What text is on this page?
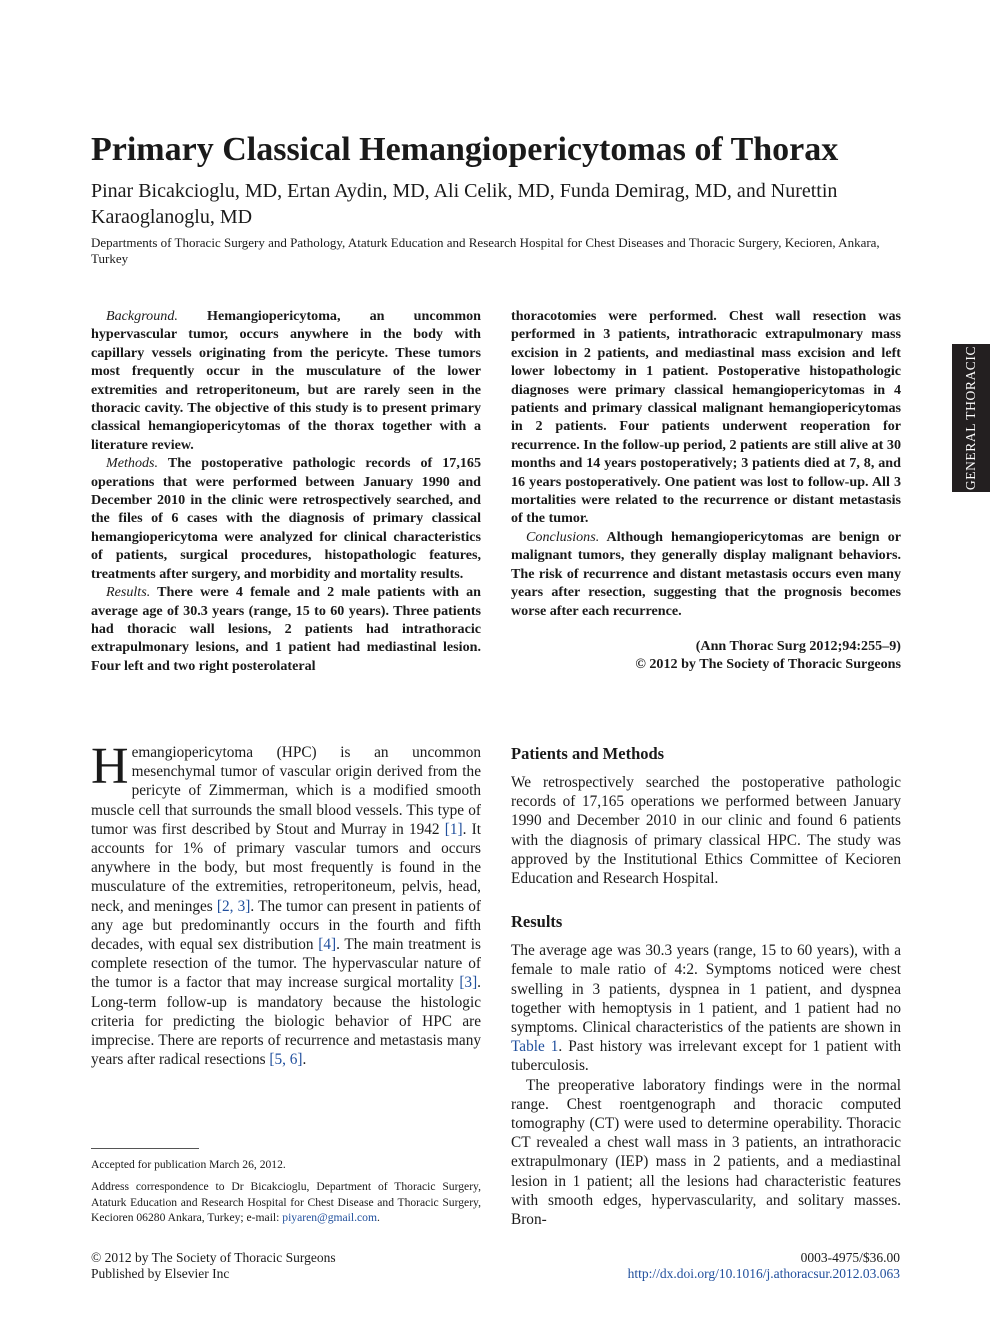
Primary Classical Hemangiopericytomas of Thorax

Pinar Bicakcioglu, MD, Ertan Aydin, MD, Ali Celik, MD, Funda Demirag, MD, and Nurettin Karaoglanoglu, MD

Departments of Thoracic Surgery and Pathology, Ataturk Education and Research Hospital for Chest Diseases and Thoracic Surgery, Kecioren, Ankara, Turkey

GENERAL THORACIC

Background. Hemangiopericytoma, an uncommon hypervascular tumor, occurs anywhere in the body with capillary vessels originating from the pericyte. These tumors most frequently occur in the musculature of the lower extremities and retroperitoneum, but are rarely seen in the thoracic cavity. The objective of this study is to present primary classical hemangiopericytomas of the thorax together with a literature review.

Methods. The postoperative pathologic records of 17,165 operations that were performed between January 1990 and December 2010 in the clinic were retrospectively searched, and the files of 6 cases with the diagnosis of primary classical hemangiopericytoma were analyzed for clinical characteristics of patients, surgical procedures, histopathologic features, treatments after surgery, and morbidity and mortality results.

Results. There were 4 female and 2 male patients with an average age of 30.3 years (range, 15 to 60 years). Three patients had thoracic wall lesions, 2 patients had intrathoracic extrapulmonary lesions, and 1 patient had mediastinal lesion. Four left and two right posterolateral

thoracotomies were performed. Chest wall resection was performed in 3 patients, intrathoracic extrapulmonary mass excision in 2 patients, and mediastinal mass excision and left lower lobectomy in 1 patient. Postoperative histopathologic diagnoses were primary classical hemangiopericytomas in 4 patients and primary classical malignant hemangiopericytomas in 2 patients. Four patients underwent reoperation for recurrence. In the follow-up period, 2 patients are still alive at 30 months and 14 years postoperatively; 3 patients died at 7, 8, and 16 years postoperatively. One patient was lost to follow-up. All 3 mortalities were related to the recurrence or distant metastasis of the tumor.

Conclusions. Although hemangiopericytomas are benign or malignant tumors, they generally display malignant behaviors. The risk of recurrence and distant metastasis occurs even many years after resection, suggesting that the prognosis becomes worse after each recurrence.

(Ann Thorac Surg 2012;94:255–9)
© 2012 by The Society of Thoracic Surgeons

Hemangiopericytoma (HPC) is an uncommon mesenchymal tumor of vascular origin derived from the pericyte of Zimmerman, which is a modified smooth muscle cell that surrounds the small blood vessels. This type of tumor was first described by Stout and Murray in 1942 [1]. It accounts for 1% of primary vascular tumors and occurs anywhere in the body, but most frequently is found in the musculature of the extremities, retroperitoneum, pelvis, head, neck, and meninges [2, 3]. The tumor can present in patients of any age but predominantly occurs in the fourth and fifth decades, with equal sex distribution [4]. The main treatment is complete resection of the tumor. The hypervascular nature of the tumor is a factor that may increase surgical mortality [3]. Long-term follow-up is mandatory because the histologic criteria for predicting the biologic behavior of HPC are imprecise. There are reports of recurrence and metastasis many years after radical resections [5, 6].

Accepted for publication March 26, 2012.

Address correspondence to Dr Bicakcioglu, Department of Thoracic Surgery, Ataturk Education and Research Hospital for Chest Disease and Thoracic Surgery, Kecioren 06280 Ankara, Turkey; e-mail: piyaren@gmail.com.

Patients and Methods

We retrospectively searched the postoperative pathologic records of 17,165 operations we performed between January 1990 and December 2010 in our clinic and found 6 patients with the diagnosis of primary classical HPC. The study was approved by the Institutional Ethics Committee of Kecioren Education and Research Hospital.

Results

The average age was 30.3 years (range, 15 to 60 years), with a female to male ratio of 4:2. Symptoms noticed were chest swelling in 3 patients, dyspnea in 1 patient, and dyspnea together with hemoptysis in 1 patient, and 1 patient had no symptoms. Clinical characteristics of the patients are shown in Table 1. Past history was irrelevant except for 1 patient with tuberculosis.

The preoperative laboratory findings were in the normal range. Chest roentgenograph and thoracic computed tomography (CT) were used to determine operability. Thoracic CT revealed a chest wall mass in 3 patients, an intrathoracic extrapulmonary (IEP) mass in 2 patients, and a mediastinal lesion in 1 patient; all the lesions had characteristic features with smooth edges, hypervascularity, and solitary masses. Bron-

© 2012 by The Society of Thoracic Surgeons
Published by Elsevier Inc
0003-4975/$36.00
http://dx.doi.org/10.1016/j.athoracsur.2012.03.063
